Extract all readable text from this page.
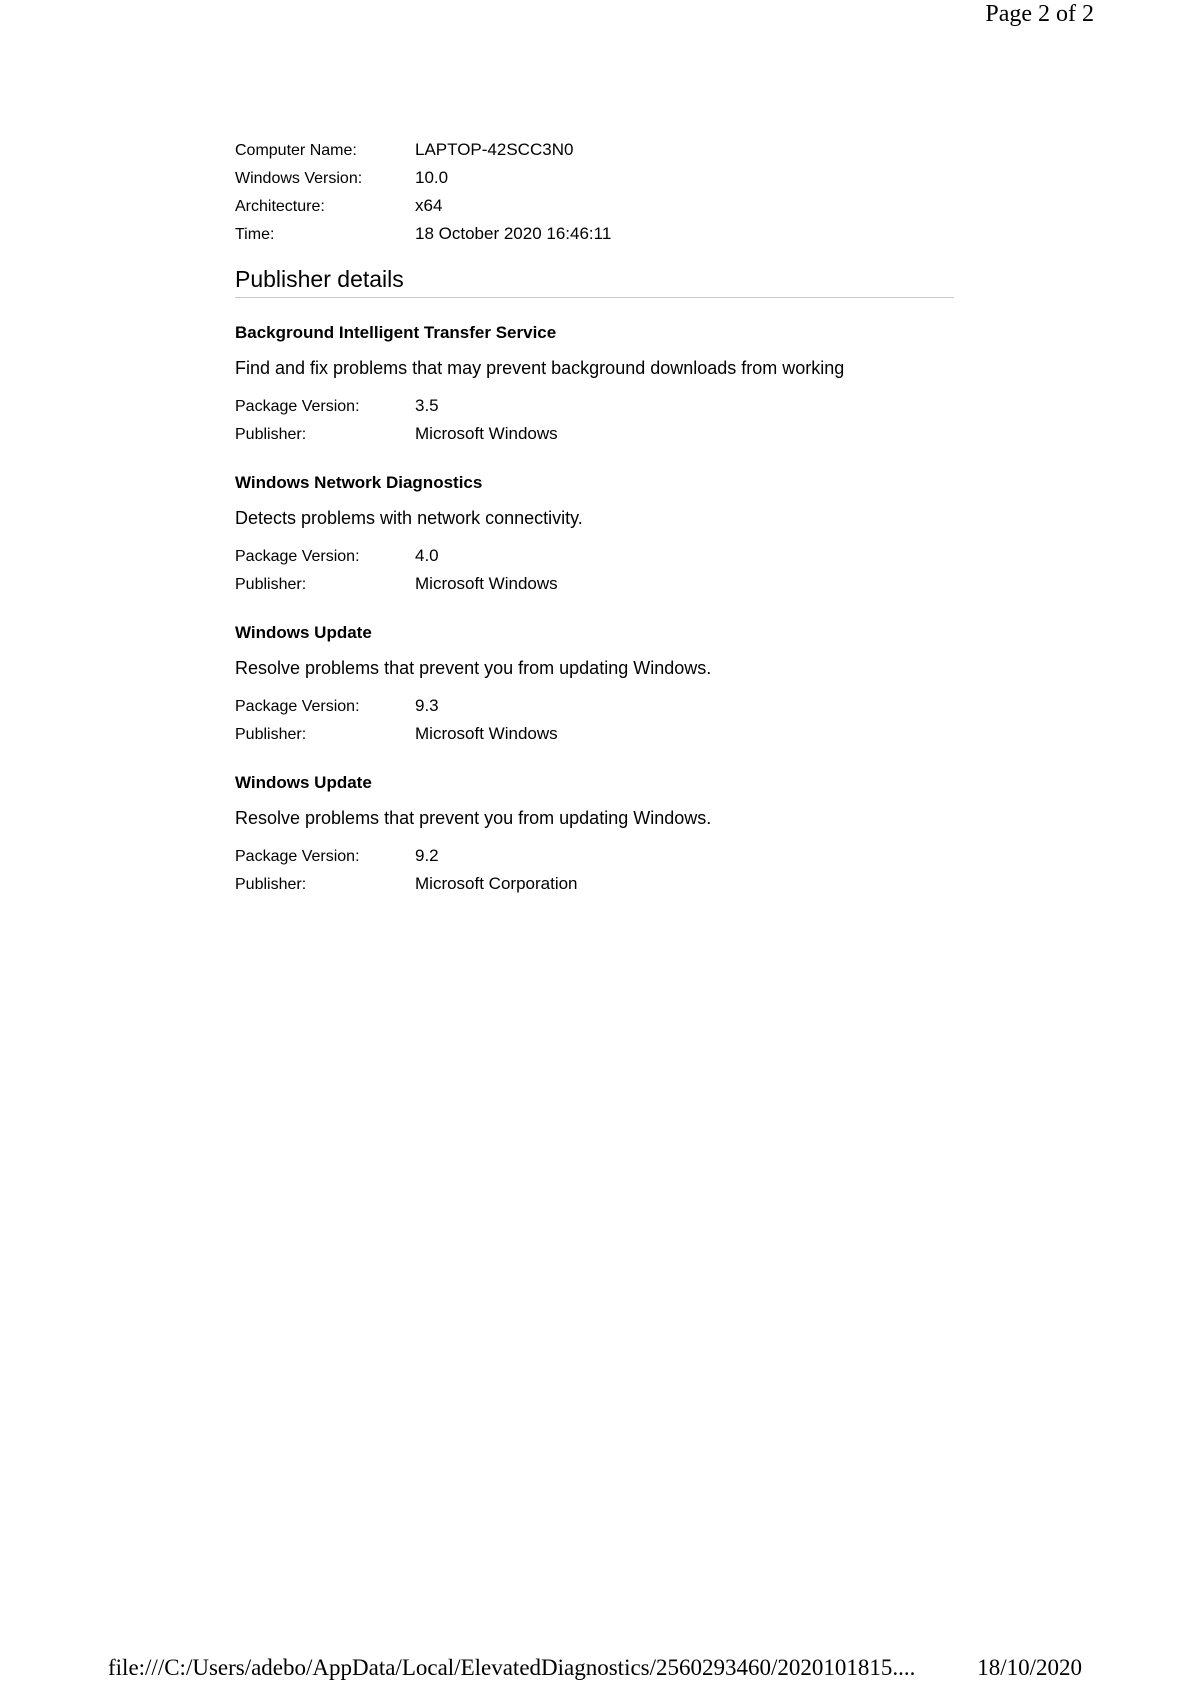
Page 2 of 2
Computer Name:	LAPTOP-42SCC3N0
Windows Version:	10.0
Architecture:	x64
Time:	18 October 2020 16:46:11
Publisher details
Background Intelligent Transfer Service
Find and fix problems that may prevent background downloads from working
Package Version:	3.5
Publisher:	Microsoft Windows
Windows Network Diagnostics
Detects problems with network connectivity.
Package Version:	4.0
Publisher:	Microsoft Windows
Windows Update
Resolve problems that prevent you from updating Windows.
Package Version:	9.3
Publisher:	Microsoft Windows
Windows Update
Resolve problems that prevent you from updating Windows.
Package Version:	9.2
Publisher:	Microsoft Corporation
file:///C:/Users/adebo/AppData/Local/ElevatedDiagnostics/2560293460/2020101815....	18/10/2020
